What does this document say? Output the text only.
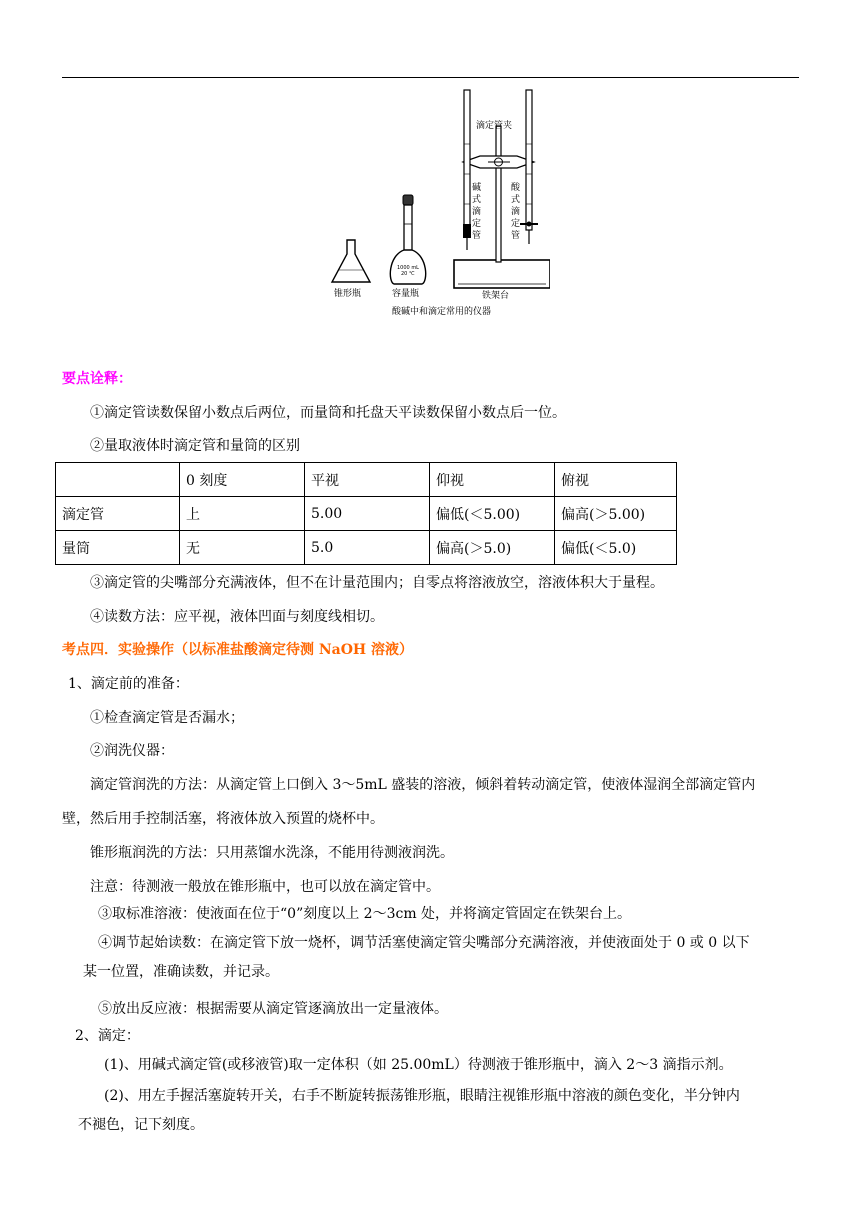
滴定管夹
碱
式
滴
定
管
酸
式
滴
定
管
1000 mL
20 ℃
锥形瓶	容量瓶	铁架台
酸碱中和滴定常用的仪器
要点诠释：
①滴定管读数保留小数点后两位，而量筒和托盘天平读数保留小数点后一位。
②量取液体时滴定管和量筒的区别
	0 刻度	平视	仰视	俯视
滴定管	上	5.00	偏低(＜5.00)	偏高(＞5.00)
量筒	无	5.0	偏高(＞5.0)	偏低(＜5.0)
③滴定管的尖嘴部分充满液体，但不在计量范围内；自零点将溶液放空，溶液体积大于量程。
④读数方法：应平视，液体凹面与刻度线相切。
考点四．实验操作（以标准盐酸滴定待测 NaOH 溶液）
1、滴定前的准备：
①检查滴定管是否漏水；
②润洗仪器：
滴定管润洗的方法：从滴定管上口倒入 3～5mL 盛装的溶液，倾斜着转动滴定管，使液体湿润全部滴定管内
壁，然后用手控制活塞，将液体放入预置的烧杯中。
锥形瓶润洗的方法：只用蒸馏水洗涤，不能用待测液润洗。
注意：待测液一般放在锥形瓶中，也可以放在滴定管中。
③取标准溶液：使液面在位于“0”刻度以上 2～3cm 处，并将滴定管固定在铁架台上。
④调节起始读数：在滴定管下放一烧杯，调节活塞使滴定管尖嘴部分充满溶液，并使液面处于 0 或 0 以下
某一位置，准确读数，并记录。
⑤放出反应液：根据需要从滴定管逐滴放出一定量液体。
2、滴定：
(1)、用碱式滴定管(或移液管)取一定体积（如 25.00mL）待测液于锥形瓶中，滴入 2～3 滴指示剂。
(2)、用左手握活塞旋转开关，右手不断旋转振荡锥形瓶，眼睛注视锥形瓶中溶液的颜色变化，半分钟内
不褪色，记下刻度。
